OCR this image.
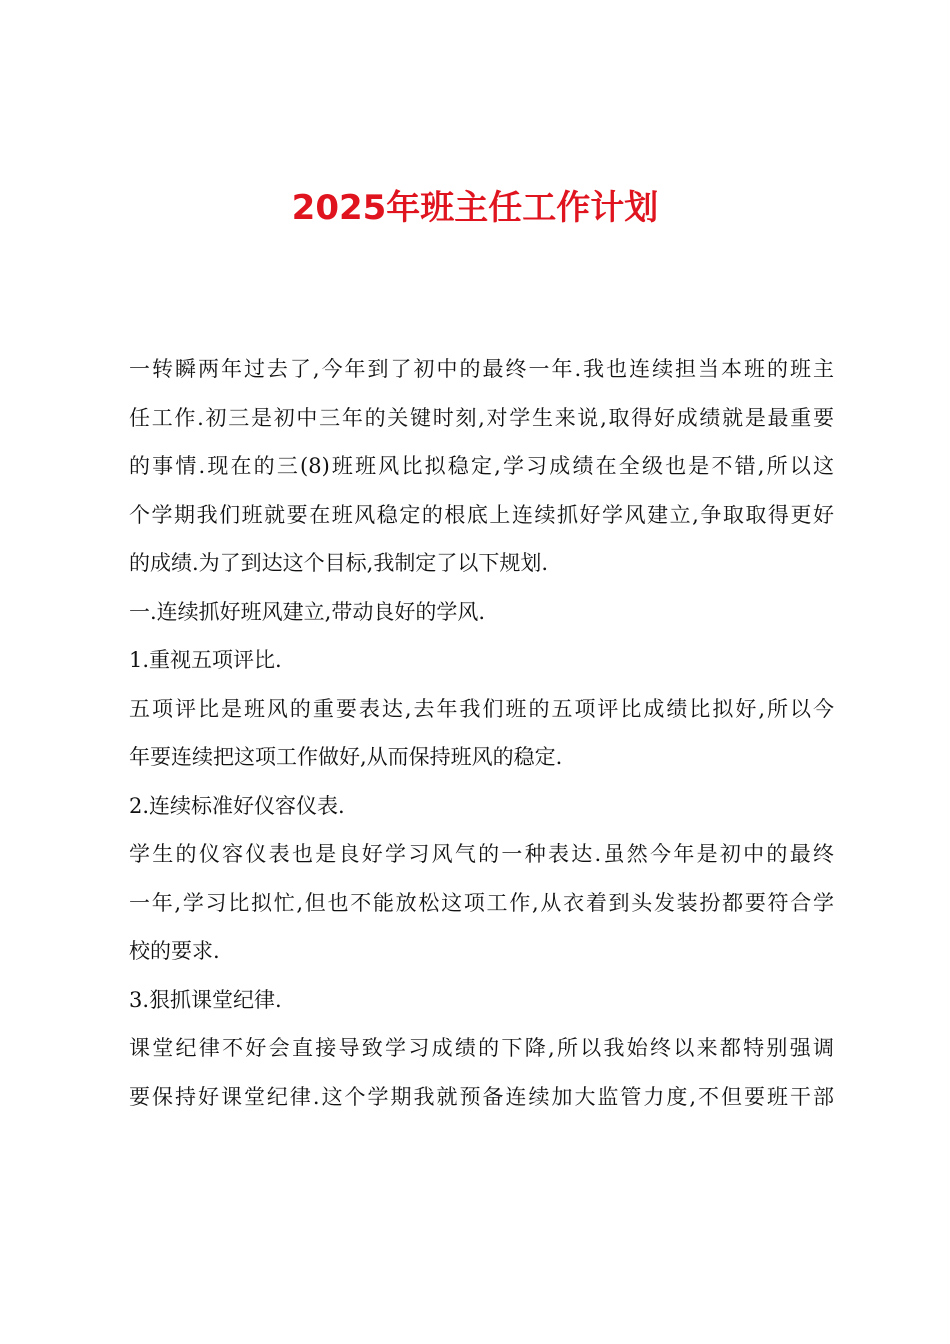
2025年班主任工作计划
一转瞬两年过去了,今年到了初中的最终一年.我也连续担当本班的班主
任工作.初三是初中三年的关键时刻,对学生来说,取得好成绩就是最重要
的事情.现在的三(8)班班风比拟稳定,学习成绩在全级也是不错,所以这
个学期我们班就要在班风稳定的根底上连续抓好学风建立,争取取得更好
的成绩.为了到达这个目标,我制定了以下规划.
一.连续抓好班风建立,带动良好的学风.
1.重视五项评比.
五项评比是班风的重要表达,去年我们班的五项评比成绩比拟好,所以今
年要连续把这项工作做好,从而保持班风的稳定.
2.连续标准好仪容仪表.
学生的仪容仪表也是良好学习风气的一种表达.虽然今年是初中的最终
一年,学习比拟忙,但也不能放松这项工作,从衣着到头发装扮都要符合学
校的要求.
3.狠抓课堂纪律.
课堂纪律不好会直接导致学习成绩的下降,所以我始终以来都特别强调
要保持好课堂纪律.这个学期我就预备连续加大监管力度,不但要班干部
